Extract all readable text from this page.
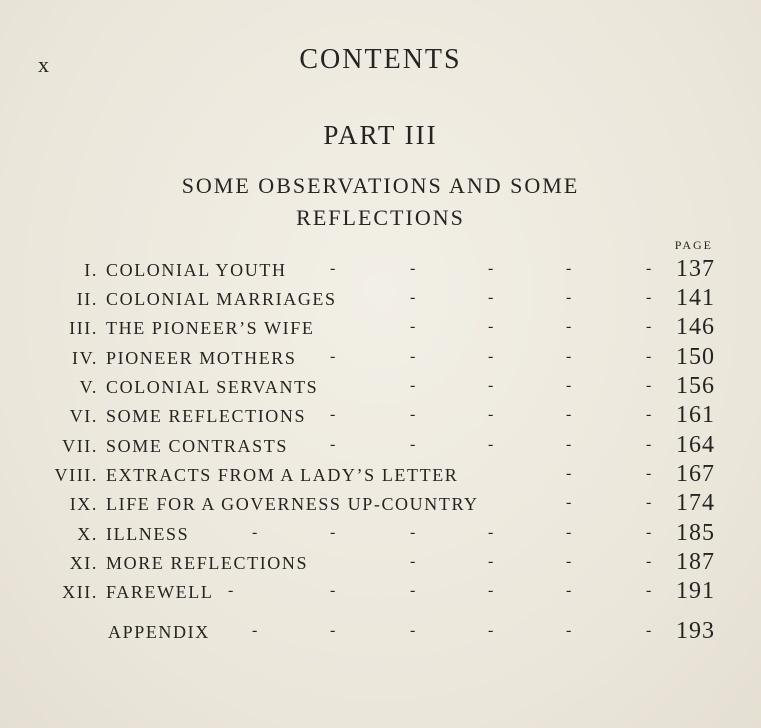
x	CONTENTS
PART III
SOME OBSERVATIONS AND SOME
REFLECTIONS
PAGE
I. COLONIAL YOUTH	-	-	-	-	- 137
II. COLONIAL MARRIAGES	-	-	-	- 141
III. THE PIONEER’S WIFE	-	-	-	- 146
IV. PIONEER MOTHERS -	-	-	-	- 150
V. COLONIAL SERVANTS	-	-	-	- 156
VI. SOME REFLECTIONS -	-	-	-	- 161
VII. SOME CONTRASTS	-	-	-	-	- 164
VIII. EXTRACTS FROM A LADY’S LETTER	-	- 167
IX. LIFE FOR A GOVERNESS UP-COUNTRY	-	- 174
X. ILLNESS	-	-	-	-	-	- 185
XI. MORE REFLECTIONS	-	-	-	- 187
XII. FAREWELL -	-	-	-	-	- 191
APPENDIX	-	-	-	-	-	- 193
